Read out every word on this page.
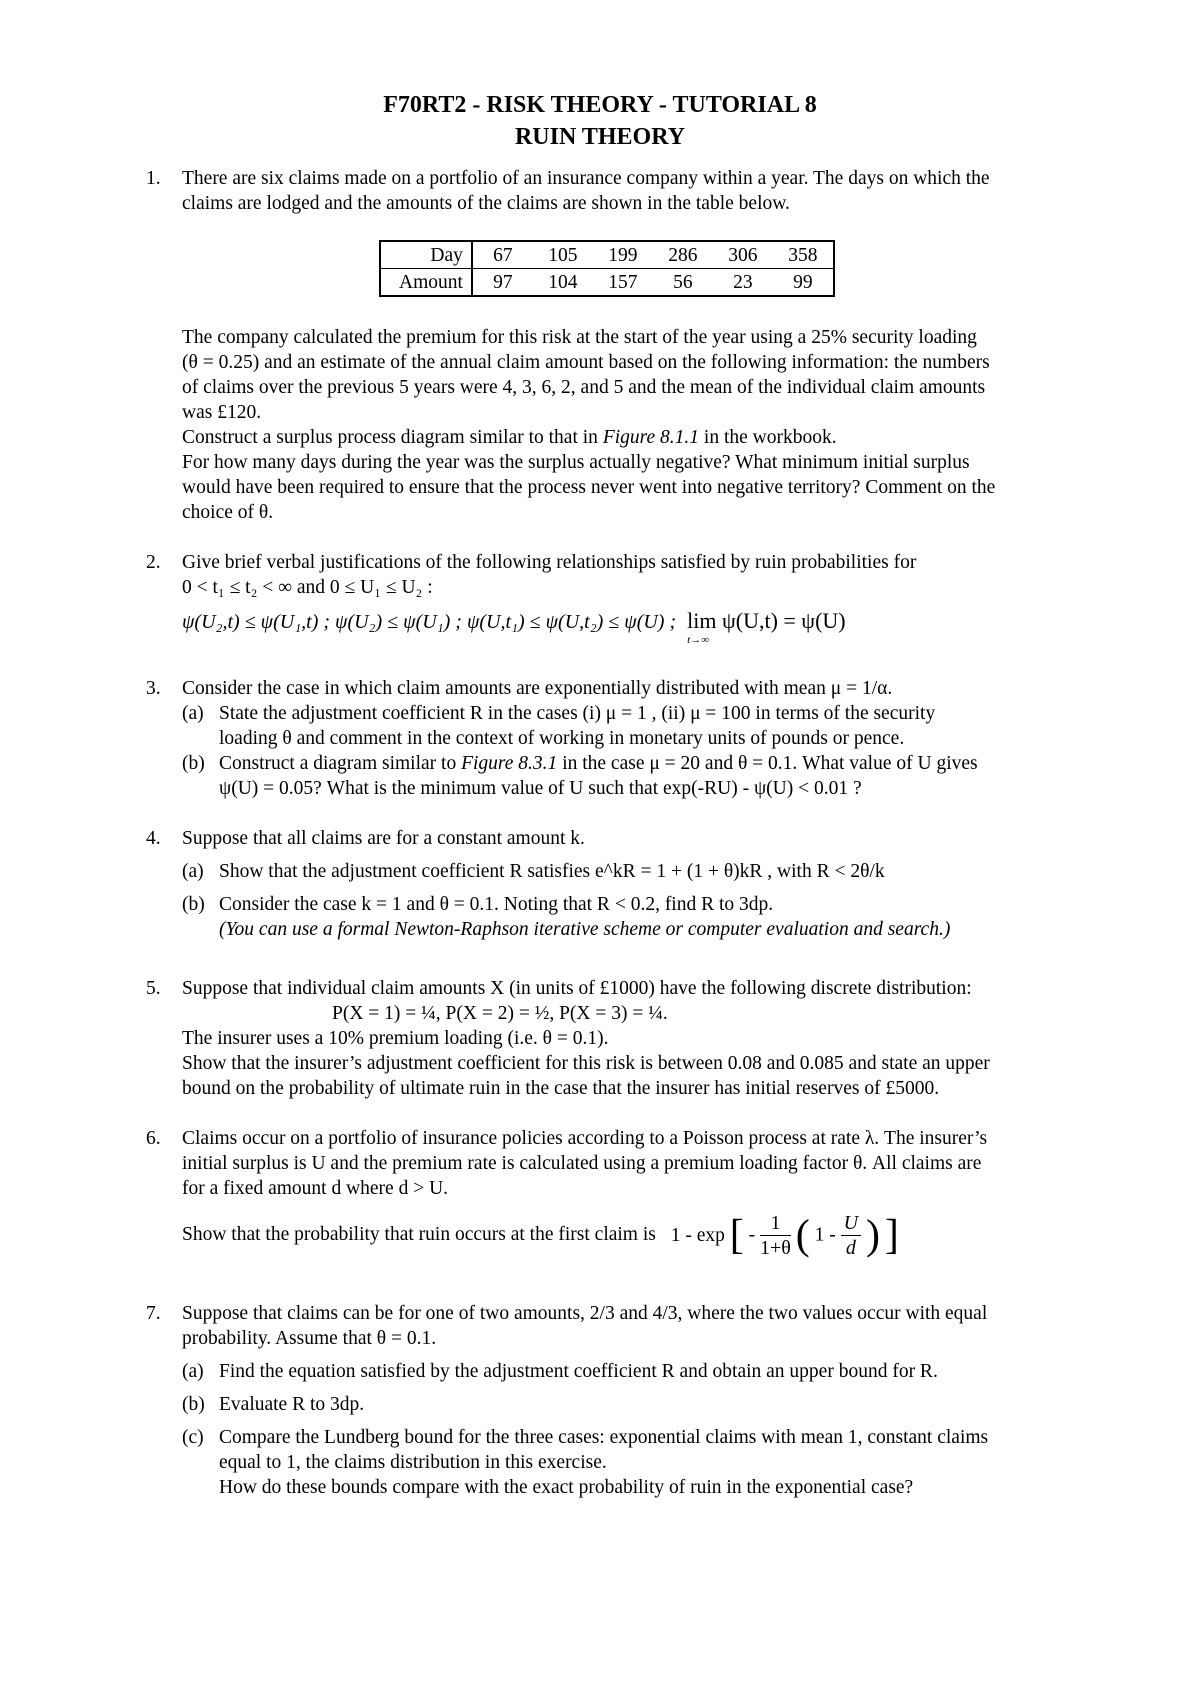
F70RT2 - RISK THEORY - TUTORIAL 8
RUIN THEORY
1. There are six claims made on a portfolio of an insurance company within a year. The days on which the
claims are lodged and the amounts of the claims are shown in the table below.
Day	67	105	199	286	306	358
Amount	97	104	157	56	23	99
The company calculated the premium for this risk at the start of the year using a 25% security loading
(θ = 0.25) and an estimate of the annual claim amount based on the following information: the numbers
of claims over the previous 5 years were 4, 3, 6, 2, and 5 and the mean of the individual claim amounts
was £120.
Construct a surplus process diagram similar to that in Figure 8.1.1 in the workbook.
For how many days during the year was the surplus actually negative? What minimum initial surplus
would have been required to ensure that the process never went into negative territory? Comment on the
choice of θ.
2. Give brief verbal justifications of the following relationships satisfied by ruin probabilities for
0 < t₁ ≤ t₂ < ∞ and 0 ≤ U₁ ≤ U₂ :
ψ(U₂,t) ≤ ψ(U₁,t) ; ψ(U₂) ≤ ψ(U₁) ; ψ(U,t₁) ≤ ψ(U,t₂) ≤ ψ(U) ; lim ψ(U,t) = ψ(U)
t→∞
3. Consider the case in which claim amounts are exponentially distributed with mean μ = 1/α.
(a) State the adjustment coefficient R in the cases (i) μ = 1 , (ii) μ = 100 in terms of the security
loading θ and comment in the context of working in monetary units of pounds or pence.
(b) Construct a diagram similar to Figure 8.3.1 in the case μ = 20 and θ = 0.1. What value of U gives
ψ(U) = 0.05? What is the minimum value of U such that exp(-RU) - ψ(U) < 0.01 ?
4. Suppose that all claims are for a constant amount k.
(a) Show that the adjustment coefficient R satisfies e^kR = 1 + (1 + θ)kR , with R < 2θ/k
(b) Consider the case k = 1 and θ = 0.1. Noting that R < 0.2, find R to 3dp.
(You can use a formal Newton-Raphson iterative scheme or computer evaluation and search.)
5. Suppose that individual claim amounts X (in units of £1000) have the following discrete distribution:
P(X = 1) = ¼, P(X = 2) = ½, P(X = 3) = ¼.
The insurer uses a 10% premium loading (i.e. θ = 0.1).
Show that the insurer’s adjustment coefficient for this risk is between 0.08 and 0.085 and state an upper
bound on the probability of ultimate ruin in the case that the insurer has initial reserves of £5000.
6. Claims occur on a portfolio of insurance policies according to a Poisson process at rate λ. The insurer’s
initial surplus is U and the premium rate is calculated using a premium loading factor θ. All claims are
for a fixed amount d where d > U.
Show that the probability that ruin occurs at the first claim is 1 - exp [ - $\frac{1}{1+\theta}$ ( $1 - \frac{U}{d}$ ) ]
7. Suppose that claims can be for one of two amounts, 2/3 and 4/3, where the two values occur with equal
probability. Assume that θ = 0.1.
(a) Find the equation satisfied by the adjustment coefficient R and obtain an upper bound for R.
(b) Evaluate R to 3dp.
(c) Compare the Lundberg bound for the three cases: exponential claims with mean 1, constant claims
equal to 1, the claims distribution in this exercise.
How do these bounds compare with the exact probability of ruin in the exponential case?
